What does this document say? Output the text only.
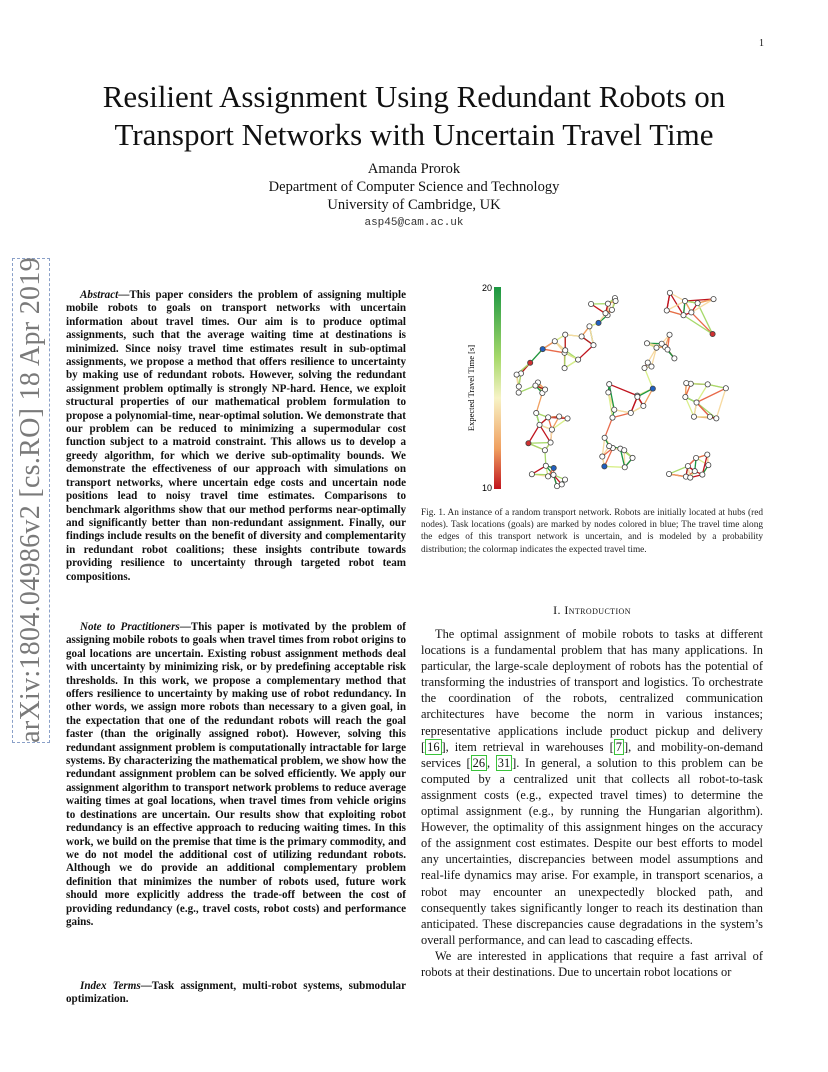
1
Resilient Assignment Using Redundant Robots on
Transport Networks with Uncertain Travel Time
Amanda Prorok
Department of Computer Science and Technology
University of Cambridge, UK
asp45@cam.ac.uk
arXiv:1804.04986v2 [cs.RO] 18 Apr 2019	Abstract—This paper considers the problem of assigning multiple mobile robots to goals on transport networks with uncertain information about travel times. Our aim is to produce optimal assignments, such that the average waiting time at destinations is minimized. Since noisy travel time estimates result in sub-optimal assignments, we propose a method that offers resilience to uncertainty by making use of redundant robots. However, solving the redundant assignment problem optimally is strongly NP-hard. Hence, we exploit structural properties of our mathematical problem formulation to propose a polynomial-time, near-optimal solution. We demonstrate that our problem can be reduced to minimizing a supermodular cost function subject to a matroid constraint. This allows us to develop a greedy algorithm, for which we derive sub-optimality bounds. We demonstrate the effectiveness of our approach with simulations on transport networks, where uncertain edge costs and uncertain node positions lead to noisy travel time estimates. Comparisons to benchmark algorithms show that our method performs near-optimally and significantly better than non-redundant assignment. Finally, our findings include results on the benefit of diversity and complementarity in redundant robot coalitions; these insights contribute towards providing resilience to uncertainty through targeted robot team compositions.

Note to Practitioners—This paper is motivated by the problem of assigning mobile robots to goals when travel times from robot origins to goal locations are uncertain. Existing robust assignment methods deal with uncertainty by minimizing risk, or by predefining acceptable risk thresholds. In this work, we propose a complementary method that offers resilience to uncertainty by making use of robot redundancy. In other words, we assign more robots than necessary to a given goal, in the expectation that one of the redundant robots will reach the goal faster (than the originally assigned robot). However, solving this redundant assignment problem is computationally intractable for large systems. By characterizing the mathematical problem, we show how the redundant assignment problem can be solved efficiently. We apply our assignment algorithm to transport network problems to reduce average waiting times at goal locations, when travel times from vehicle origins to destinations are uncertain. Our results show that exploiting robot redundancy is an effective approach to reducing waiting times. In this work, we build on the premise that time is the primary commodity, and we do not model the additional cost of utilizing redundant robots. Although we do provide an additional complementary problem definition that minimizes the number of robots used, future work should more explicitly address the trade-off between the cost of providing redundancy (e.g., travel costs, robot costs) and performance gains.

Index Terms—Task assignment, multi-robot systems, submodular optimization.

20
10
Expected Travel Time [s]
Fig. 1. An instance of a random transport network. Robots are initially located at hubs (red nodes). Task locations (goals) are marked by nodes colored in blue; The travel time along the edges of this transport network is uncertain, and is modeled by a probability distribution; the colormap indicates the expected travel time.
I. Introduction

The optimal assignment of mobile robots to tasks at different locations is a fundamental problem that has many applications. In particular, the large-scale deployment of robots has the potential of transforming the industries of transport and logistics. To orchestrate the coordination of the robots, centralized communication architectures have become the norm in various instances; representative applications include product pickup and delivery [ 16 ], item retrieval in warehouses [ 7 ], and mobility-on-demand services [ 26 , 31 ]. In general, a solution to this problem can be computed by a centralized unit that collects all robot-to-task assignment costs (e.g., expected travel times) to determine the optimal assignment (e.g., by running the Hungarian algorithm). However, the optimality of this assignment hinges on the accuracy of the assignment cost estimates. Despite our best efforts to model any uncertainties, discrepancies between model assumptions and real-life dynamics may arise. For example, in transport scenarios, a robot may encounter an unexpectedly blocked path, and consequently takes significantly longer to reach its destination than anticipated. These discrepancies cause degradations in the system’s overall performance, and can lead to cascading effects.

We are interested in applications that require a fast arrival of robots at their destinations. Due to uncertain robot locations or
